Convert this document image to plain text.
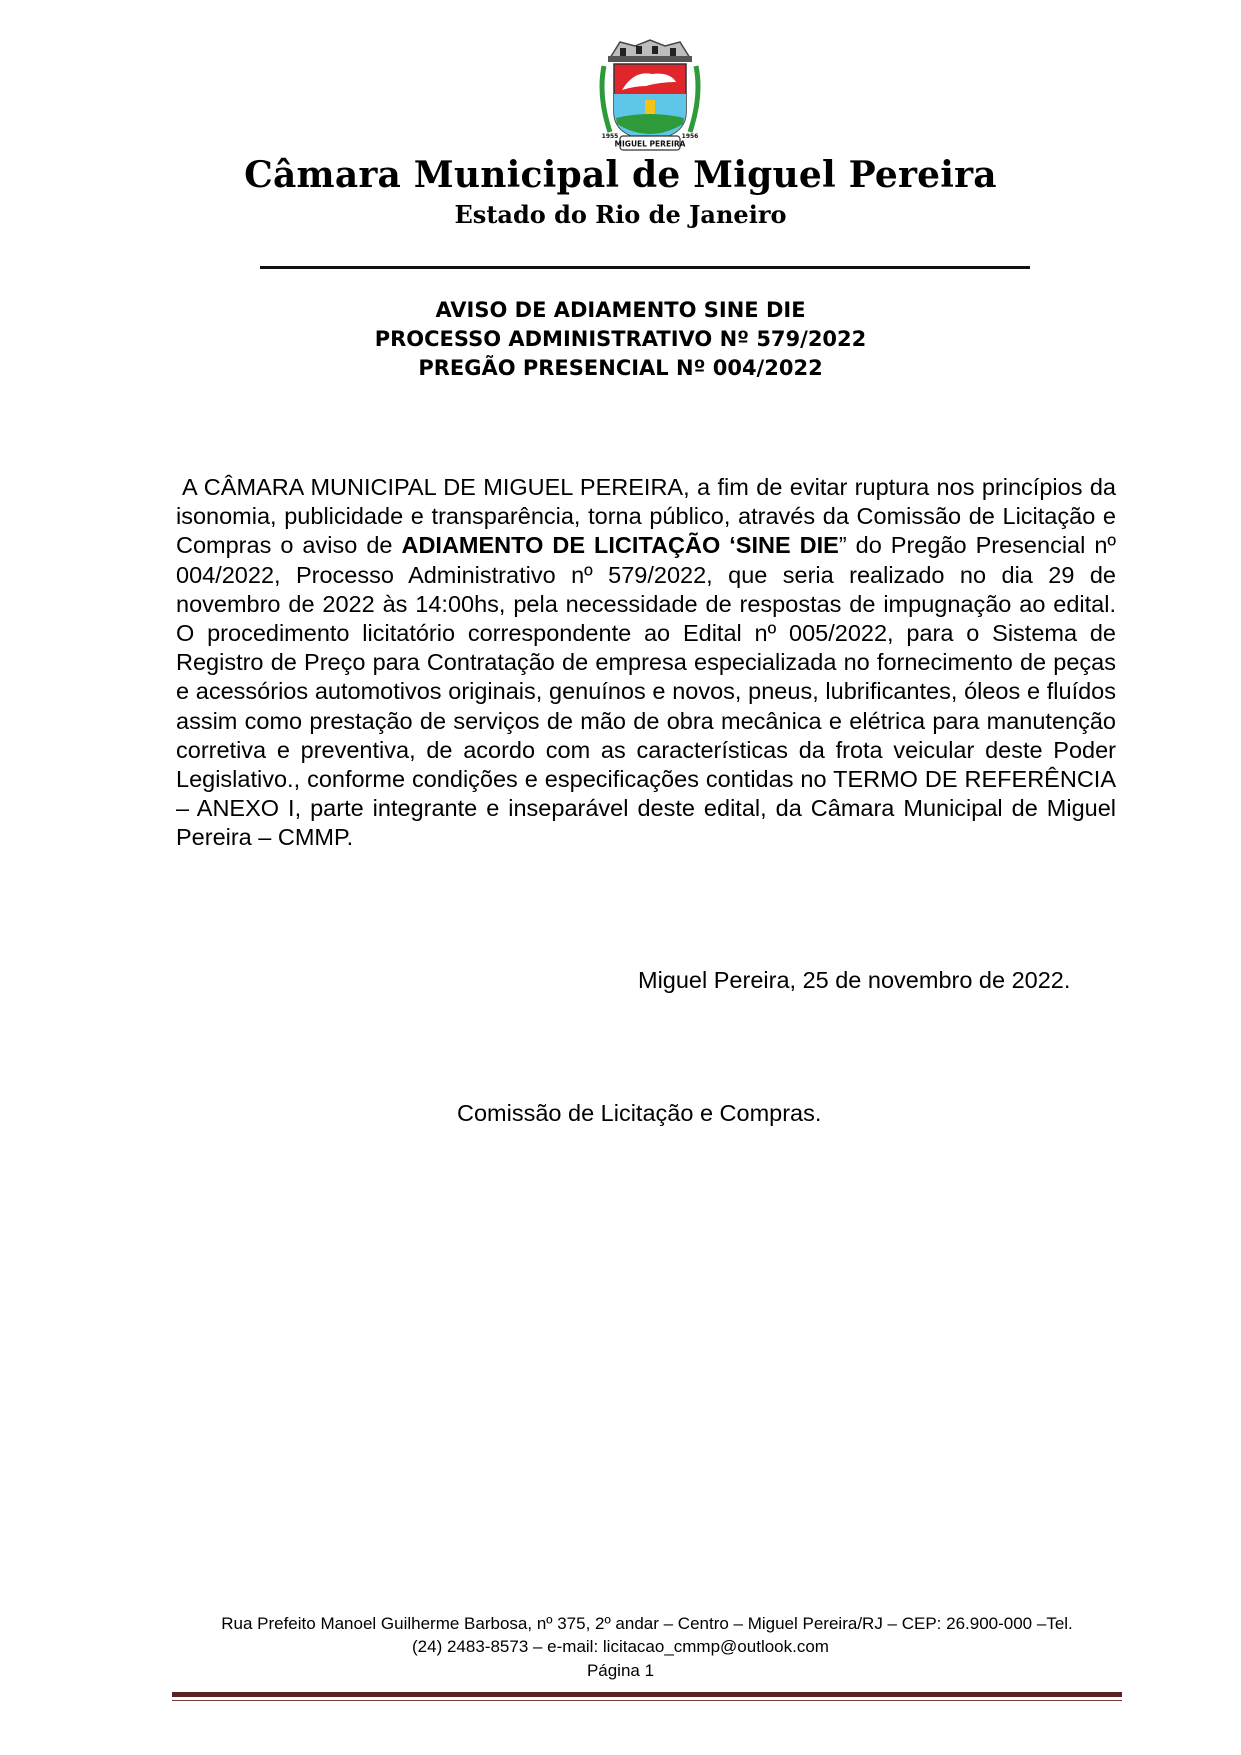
MIGUEL PEREIRA
1955	1956
Câmara Municipal de Miguel Pereira
Estado do Rio de Janeiro
AVISO DE ADIAMENTO SINE DIE
PROCESSO ADMINISTRATIVO Nº 579/2022
PREGÃO PRESENCIAL Nº 004/2022
A CÂMARA MUNICIPAL DE MIGUEL PEREIRA, a fim de evitar ruptura nos princípios da isonomia, publicidade e transparência, torna público, através da Comissão de Licitação e Compras o aviso de ADIAMENTO DE LICITAÇÃO ‘SINE DIE” do Pregão Presencial nº 004/2022, Processo Administrativo nº 579/2022, que seria realizado no dia 29 de novembro de 2022 às 14:00hs, pela necessidade de respostas de impugnação ao edital. O procedimento licitatório correspondente ao Edital nº 005/2022, para o Sistema de Registro de Preço para Contratação de empresa especializada no fornecimento de peças e acessórios automotivos originais, genuínos e novos, pneus, lubrificantes, óleos e fluídos assim como prestação de serviços de mão de obra mecânica e elétrica para manutenção corretiva e preventiva, de acordo com as características da frota veicular deste Poder Legislativo., conforme condições e especificações contidas no TERMO DE REFERÊNCIA – ANEXO I, parte integrante e inseparável deste edital, da Câmara Municipal de Miguel Pereira – CMMP.
Miguel Pereira, 25 de novembro de 2022.
Comissão de Licitação e Compras.
Rua Prefeito Manoel Guilherme Barbosa, nº 375, 2º andar – Centro – Miguel Pereira/RJ – CEP: 26.900-000 –Tel.
(24) 2483-8573 – e-mail: licitacao_cmmp@outlook.com
Página 1
